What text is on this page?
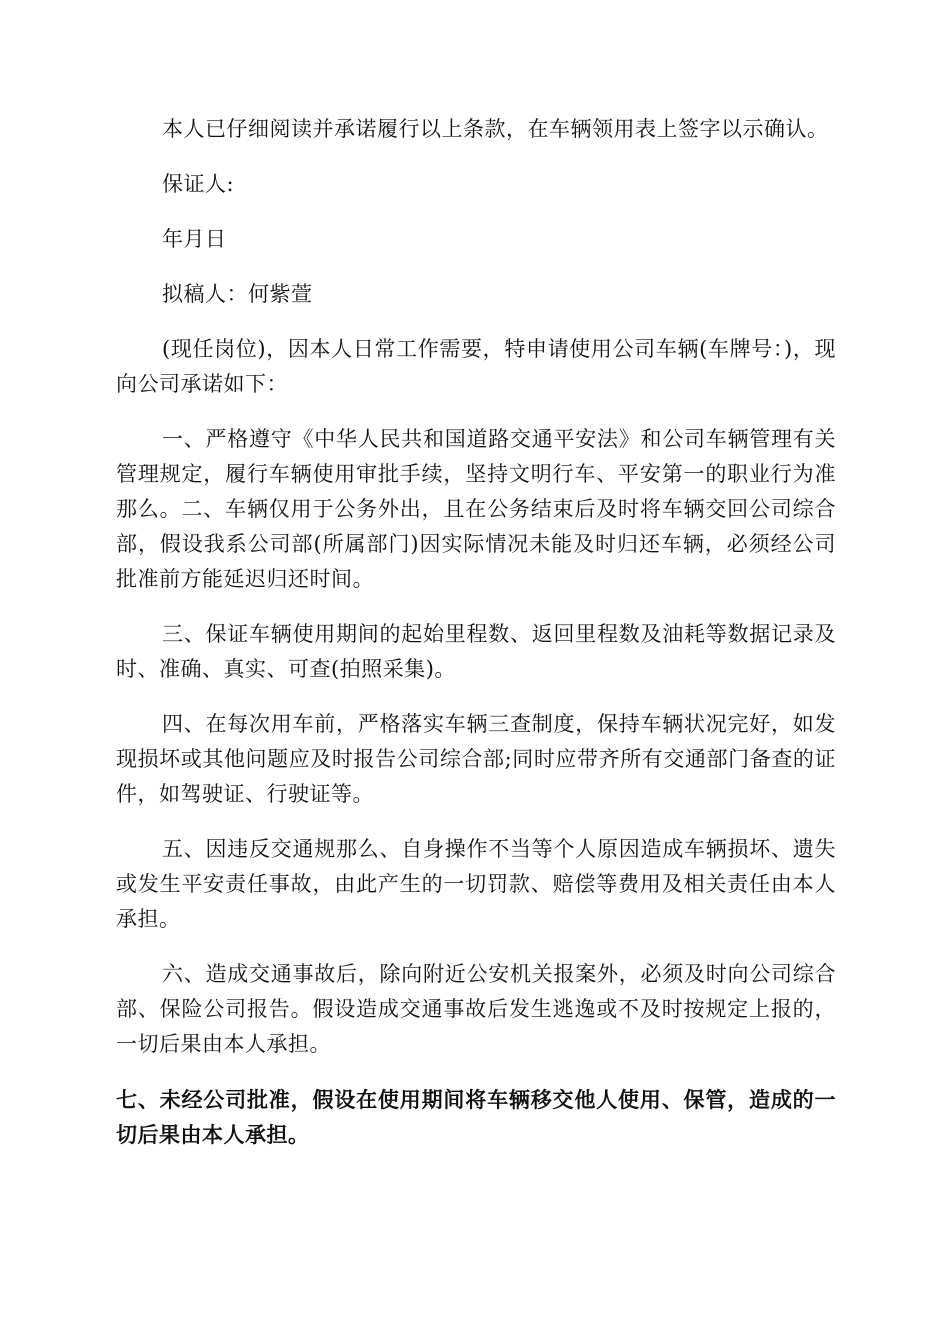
本人已仔细阅读并承诺履行以上条款，在车辆领用表上签字以示确认。

保证人:

年月日

拟稿人：何紫萱

(现任岗位)，因本人日常工作需要，特申请使用公司车辆(车牌号：)，现向公司承诺如下：

一、严格遵守《中华人民共和国道路交通平安法》和公司车辆管理有关管理规定，履行车辆使用审批手续，坚持文明行车、平安第一的职业行为准那么。二、车辆仅用于公务外出，且在公务结束后及时将车辆交回公司综合部，假设我系公司部(所属部门)因实际情况未能及时归还车辆，必须经公司批准前方能延迟归还时间。

三、保证车辆使用期间的起始里程数、返回里程数及油耗等数据记录及时、准确、真实、可查(拍照采集)。

四、在每次用车前，严格落实车辆三查制度，保持车辆状况完好，如发现损坏或其他问题应及时报告公司综合部;同时应带齐所有交通部门备查的证件，如驾驶证、行驶证等。

五、因违反交通规那么、自身操作不当等个人原因造成车辆损坏、遗失或发生平安责任事故，由此产生的一切罚款、赔偿等费用及相关责任由本人承担。

六、造成交通事故后，除向附近公安机关报案外，必须及时向公司综合部、保险公司报告。假设造成交通事故后发生逃逸或不及时按规定上报的，一切后果由本人承担。

七、未经公司批准，假设在使用期间将车辆移交他人使用、保管，造成的一切后果由本人承担。
